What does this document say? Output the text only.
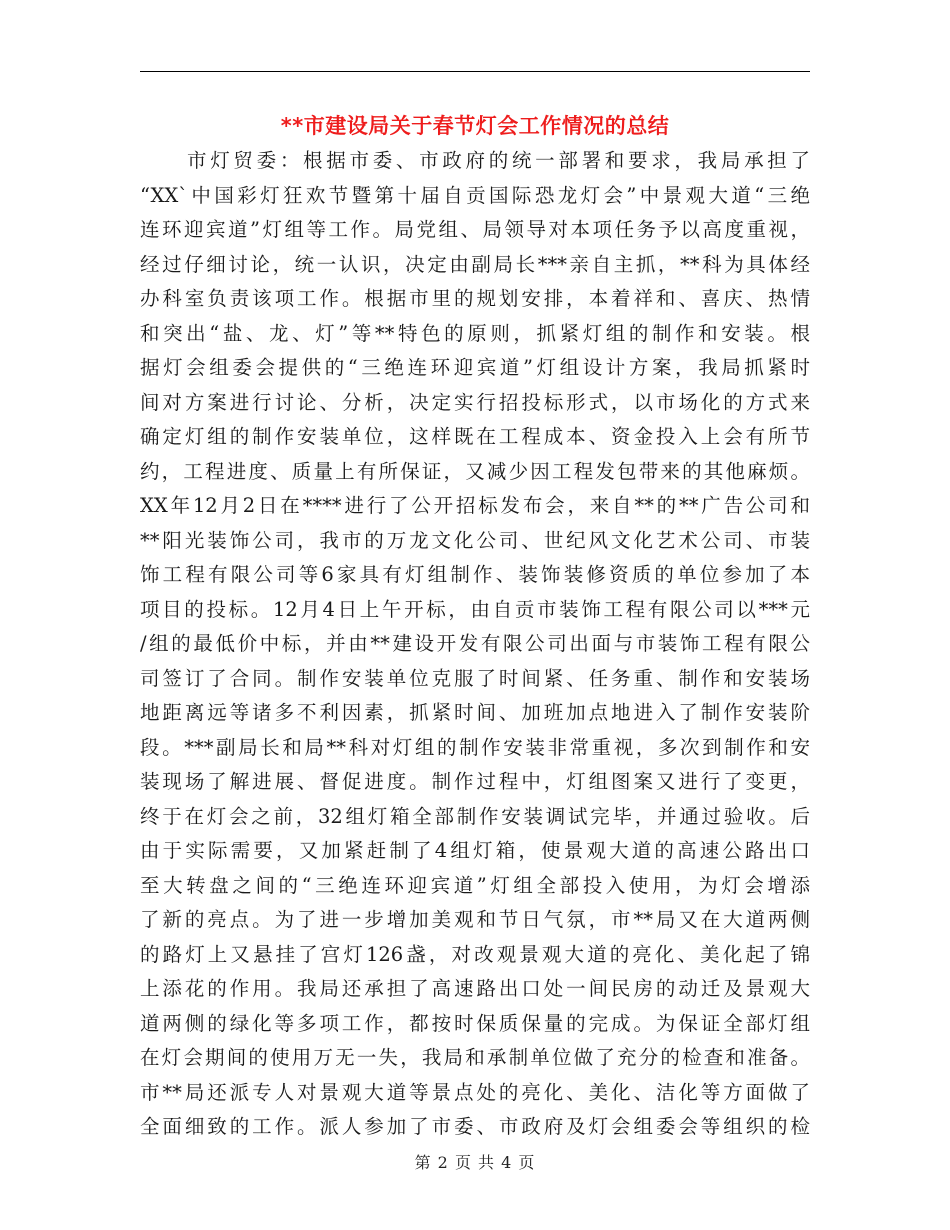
**市建设局关于春节灯会工作情况的总结
市灯贸委：根据市委、市政府的统一部署和要求，我局承担了
“XX`中国彩灯狂欢节暨第十届自贡国际恐龙灯会”中景观大道“三绝
连环迎宾道”灯组等工作。局党组、局领导对本项任务予以高度重视，
经过仔细讨论，统一认识，决定由副局长***亲自主抓，**科为具体经
办科室负责该项工作。根据市里的规划安排，本着祥和、喜庆、热情
和突出“盐、龙、灯”等**特色的原则，抓紧灯组的制作和安装。根
据灯会组委会提供的“三绝连环迎宾道”灯组设计方案，我局抓紧时
间对方案进行讨论、分析，决定实行招投标形式，以市场化的方式来
确定灯组的制作安装单位，这样既在工程成本、资金投入上会有所节
约，工程进度、质量上有所保证，又减少因工程发包带来的其他麻烦。
XX年12月2日在****进行了公开招标发布会，来自**的**广告公司和
**阳光装饰公司，我市的万龙文化公司、世纪风文化艺术公司、市装
饰工程有限公司等6家具有灯组制作、装饰装修资质的单位参加了本
项目的投标。12月4日上午开标，由自贡市装饰工程有限公司以***元
/组的最低价中标，并由**建设开发有限公司出面与市装饰工程有限公
司签订了合同。制作安装单位克服了时间紧、任务重、制作和安装场
地距离远等诸多不利因素，抓紧时间、加班加点地进入了制作安装阶
段。***副局长和局**科对灯组的制作安装非常重视，多次到制作和安
装现场了解进展、督促进度。制作过程中，灯组图案又进行了变更，
终于在灯会之前，32组灯箱全部制作安装调试完毕，并通过验收。后
由于实际需要，又加紧赶制了4组灯箱，使景观大道的高速公路出口
至大转盘之间的“三绝连环迎宾道”灯组全部投入使用，为灯会增添
了新的亮点。为了进一步增加美观和节日气氛，市**局又在大道两侧
的路灯上又悬挂了宫灯126盏，对改观景观大道的亮化、美化起了锦
上添花的作用。我局还承担了高速路出口处一间民房的动迁及景观大
道两侧的绿化等多项工作，都按时保质保量的完成。为保证全部灯组
在灯会期间的使用万无一失，我局和承制单位做了充分的检查和准备。
市**局还派专人对景观大道等景点处的亮化、美化、洁化等方面做了
全面细致的工作。派人参加了市委、市政府及灯会组委会等组织的检
第 2 页 共 4 页
